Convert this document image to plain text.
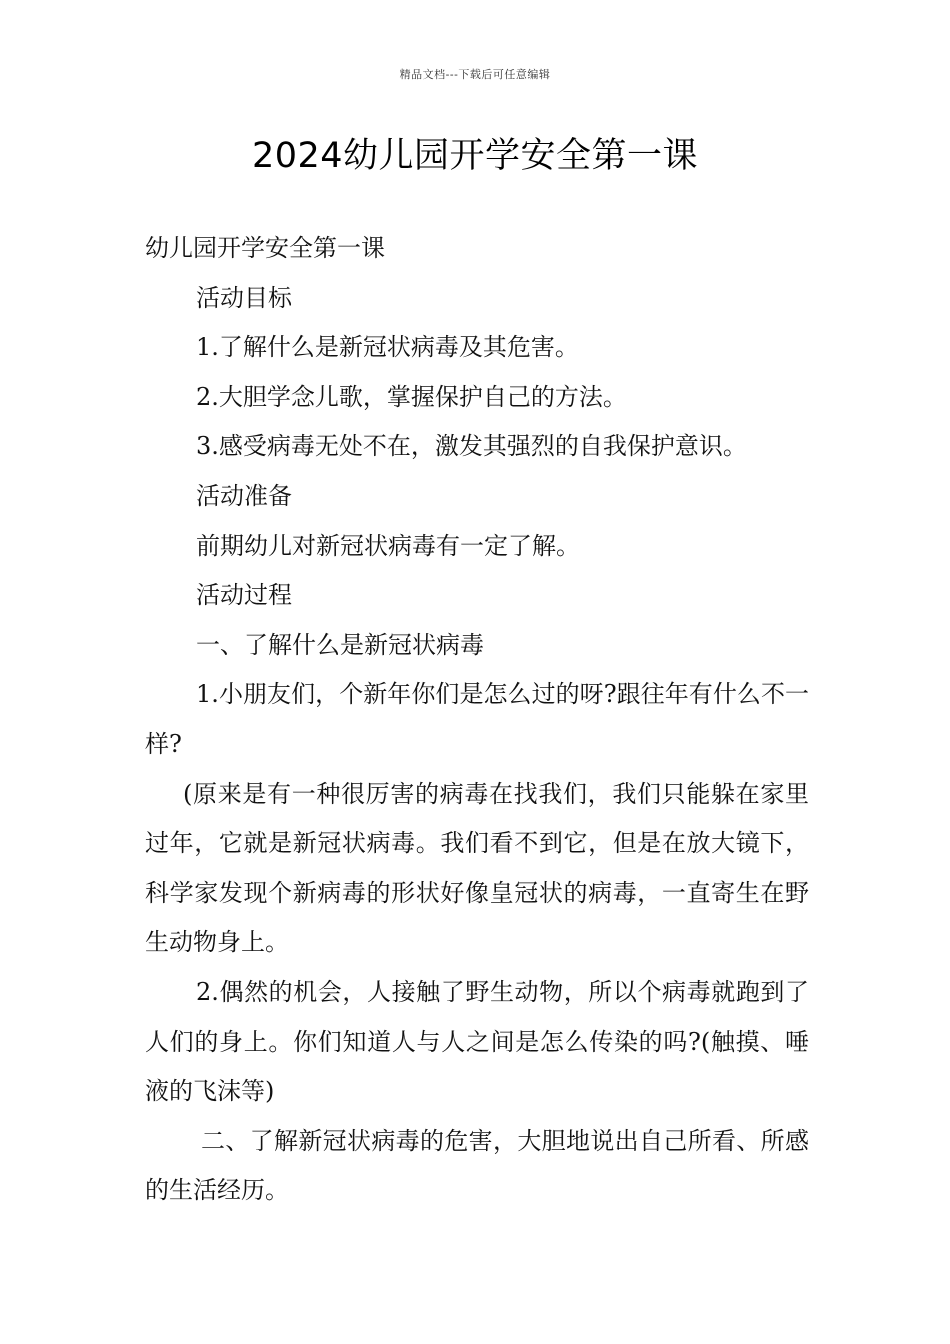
精品文档---下载后可任意编辑
2024幼儿园开学安全第一课

幼儿园开学安全第一课

活动目标

1.了解什么是新冠状病毒及其危害。

2.大胆学念儿歌，掌握保护自己的方法。

3.感受病毒无处不在，激发其强烈的自我保护意识。

活动准备

前期幼儿对新冠状病毒有一定了解。

活动过程

一、了解什么是新冠状病毒

1.小朋友们，个新年你们是怎么过的呀?跟往年有什么不一样?

(原来是有一种很厉害的病毒在找我们，我们只能躲在家里过年，它就是新冠状病毒。我们看不到它，但是在放大镜下，科学家发现个新病毒的形状好像皇冠状的病毒，一直寄生在野生动物身上。

2.偶然的机会，人接触了野生动物，所以个病毒就跑到了人们的身上。你们知道人与人之间是怎么传染的吗?(触摸、唾液的飞沫等)

二、了解新冠状病毒的危害，大胆地说出自己所看、所感的生活经历。
